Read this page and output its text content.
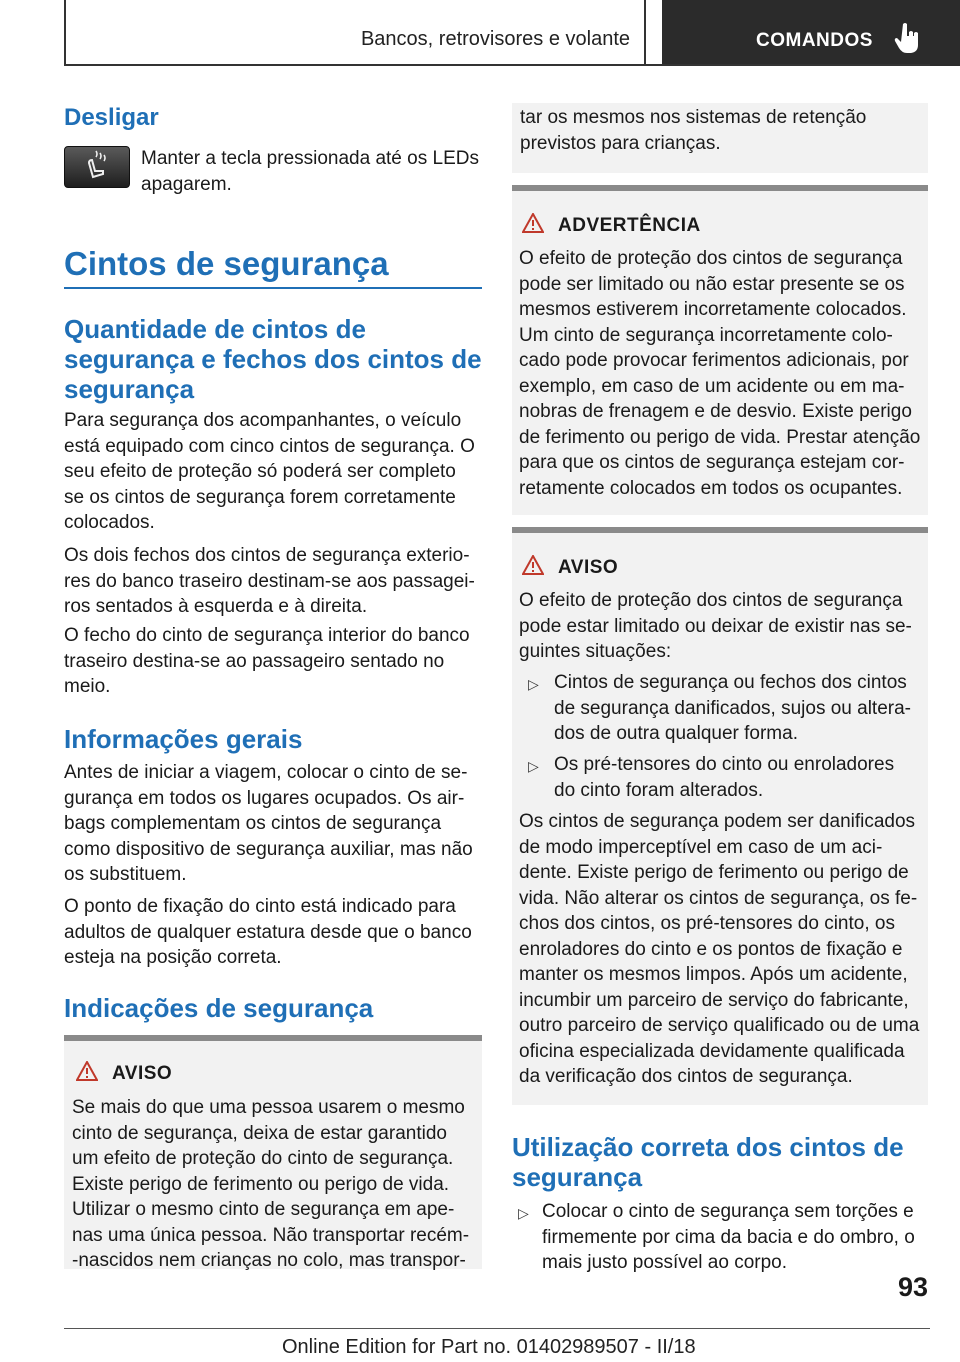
Bancos, retrovisores e volante	COMANDOS
Desligar
Manter a tecla pressionada até os LEDs
apagarem.
Cintos de segurança
Quantidade de cintos de
segurança e fechos dos cintos de
segurança
Para segurança dos acompanhantes, o veículo
está equipado com cinco cintos de segurança. O
seu efeito de proteção só poderá ser completo
se os cintos de segurança forem corretamente
colocados.
Os dois fechos dos cintos de segurança exterio‐
res do banco traseiro destinam-se aos passagei‐
ros sentados à esquerda e à direita.
O fecho do cinto de segurança interior do banco
traseiro destina-se ao passageiro sentado no
meio.
Informações gerais
Antes de iniciar a viagem, colocar o cinto de se‐
gurança em todos os lugares ocupados. Os air‐
bags complementam os cintos de segurança
como dispositivo de segurança auxiliar, mas não
os substituem.
O ponto de fixação do cinto está indicado para
adultos de qualquer estatura desde que o banco
esteja na posição correta.
Indicações de segurança
AVISO
Se mais do que uma pessoa usarem o mesmo
cinto de segurança, deixa de estar garantido
um efeito de proteção do cinto de segurança.
Existe perigo de ferimento ou perigo de vida.
Utilizar o mesmo cinto de segurança em ape‐
nas uma única pessoa. Não transportar recém-
-nascidos nem crianças no colo, mas transpor‐
tar os mesmos nos sistemas de retenção
previstos para crianças.
ADVERTÊNCIA
O efeito de proteção dos cintos de segurança
pode ser limitado ou não estar presente se os
mesmos estiverem incorretamente colocados.
Um cinto de segurança incorretamente colo‐
cado pode provocar ferimentos adicionais, por
exemplo, em caso de um acidente ou em ma‐
nobras de frenagem e de desvio. Existe perigo
de ferimento ou perigo de vida. Prestar atenção
para que os cintos de segurança estejam cor‐
retamente colocados em todos os ocupantes.
AVISO
O efeito de proteção dos cintos de segurança
pode estar limitado ou deixar de existir nas se‐
guintes situações:
▷ Cintos de segurança ou fechos dos cintos
de segurança danificados, sujos ou altera‐
dos de outra qualquer forma.
▷ Os pré-tensores do cinto ou enroladores
do cinto foram alterados.
Os cintos de segurança podem ser danificados
de modo imperceptível em caso de um aci‐
dente. Existe perigo de ferimento ou perigo de
vida. Não alterar os cintos de segurança, os fe‐
chos dos cintos, os pré-tensores do cinto, os
enroladores do cinto e os pontos de fixação e
manter os mesmos limpos. Após um acidente,
incumbir um parceiro de serviço do fabricante,
outro parceiro de serviço qualificado ou de uma
oficina especializada devidamente qualificada
da verificação dos cintos de segurança.
Utilização correta dos cintos de
segurança
▷ Colocar o cinto de segurança sem torções e
firmemente por cima da bacia e do ombro, o
mais justo possível ao corpo.
93
Online Edition for Part no. 01402989507 - II/18
